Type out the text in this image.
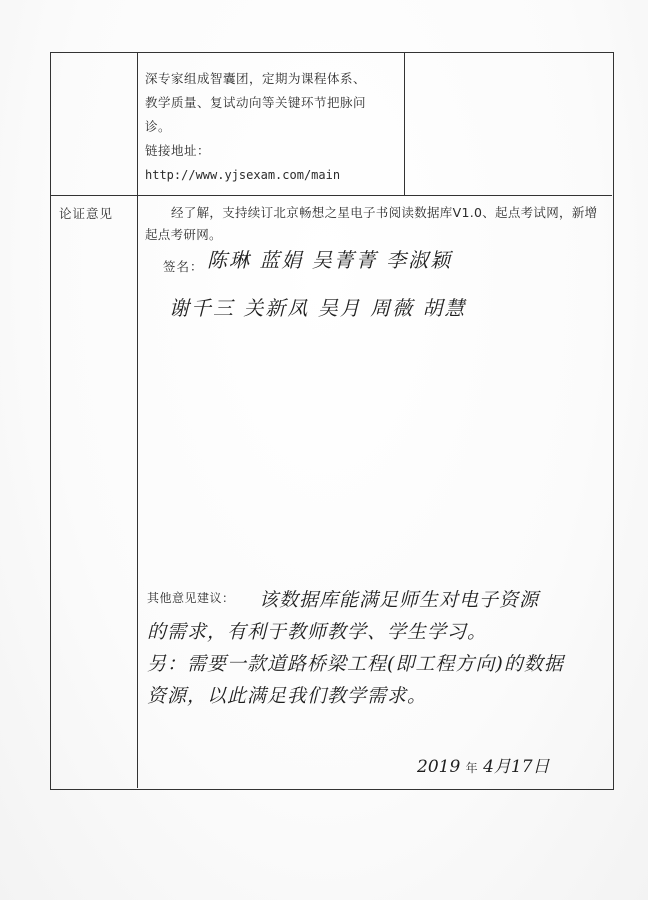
深专家组成智囊团，定期为课程体系、
教学质量、复试动向等关键环节把脉问
诊。
链接地址：
http://www.yjsexam.com/main
论证意见	经了解，支持续订北京畅想之星电子书阅读数据库V1.0、起点考试网，新增起点考研网。
签名： 陈琳 蓝娟 吴菁菁 李淑颖
谢千三 关新凤 吴月 周薇 胡慧
其他意见建议：	该数据库能满足师生对电子资源
的需求，有利于教师教学、学生学习。
另：需要一款道路桥梁工程(即工程方向)的数据
资源，以此满足我们教学需求。
2019 年 4月17日
